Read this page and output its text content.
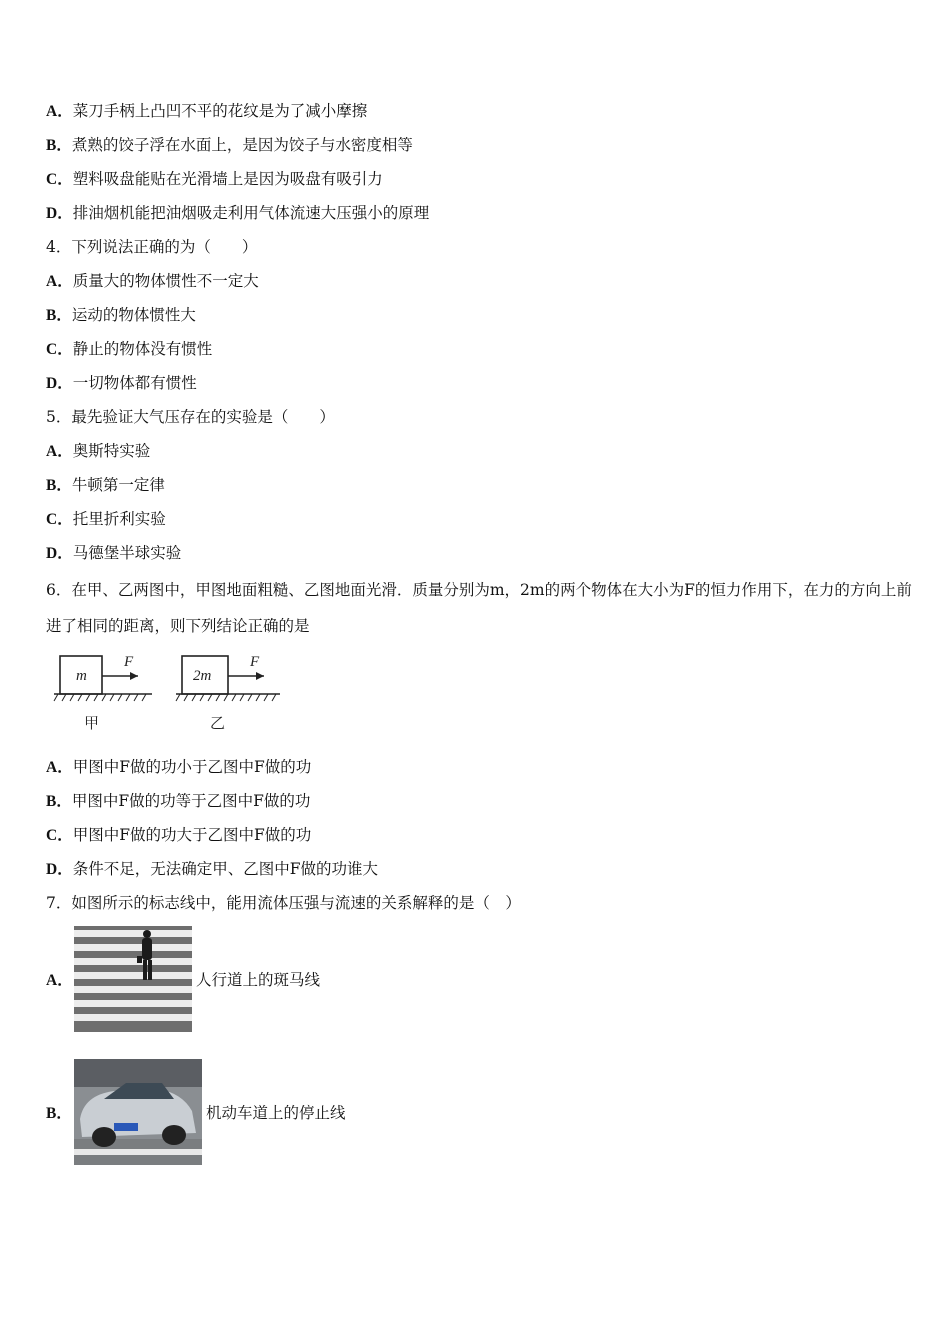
A．菜刀手柄上凸凹不平的花纹是为了减小摩擦
B．煮熟的饺子浮在水面上，是因为饺子与水密度相等
C．塑料吸盘能贴在光滑墙上是因为吸盘有吸引力
D．排油烟机能把油烟吸走利用气体流速大压强小的原理
4．下列说法正确的为（　　）
A．质量大的物体惯性不一定大
B．运动的物体惯性大
C．静止的物体没有惯性
D．一切物体都有惯性
5．最先验证大气压存在的实验是（　　）
A．奥斯特实验
B．牛顿第一定律
C．托里折利实验
D．马德堡半球实验
6．在甲、乙两图中，甲图地面粗糙、乙图地面光滑．质量分别为m，2m的两个物体在大小为F的恒力作用下，在力的方向上前进了相同的距离，则下列结论正确的是
m
F
2m
F
甲	乙
A．甲图中F做的功小于乙图中F做的功
B．甲图中F做的功等于乙图中F做的功
C．甲图中F做的功大于乙图中F做的功
D．条件不足，无法确定甲、乙图中F做的功谁大
7．如图所示的标志线中，能用流体压强与流速的关系解释的是（　）
A．	人行道上的斑马线
B．	机动车道上的停止线
